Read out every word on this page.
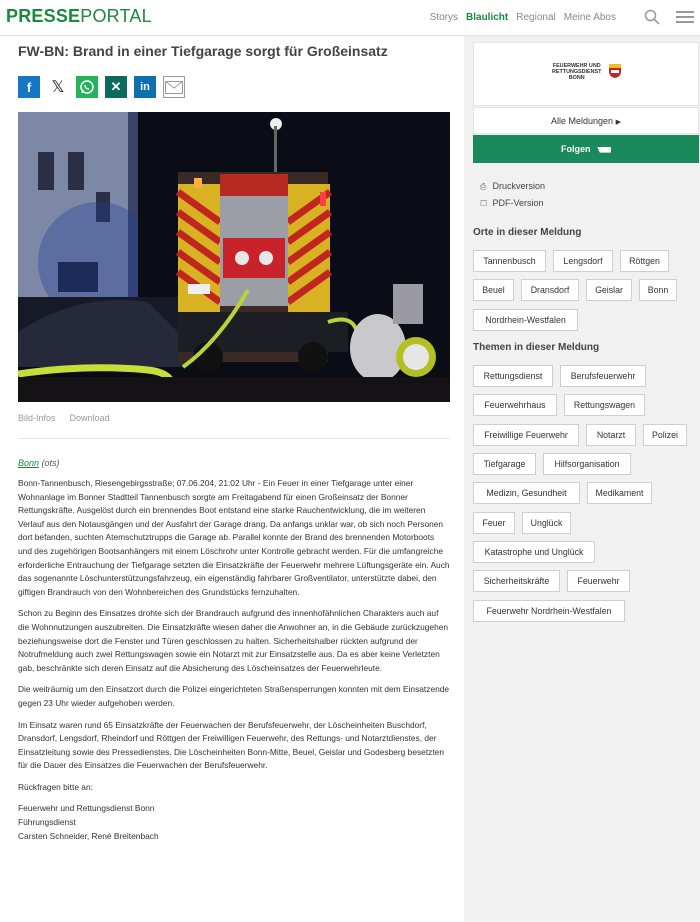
PRESSEPORTAL	Storys Blaulicht Regional Meine Abos
FW-BN: Brand in einer Tiefgarage sorgt für Großeinsatz
f	𝕏	✕	in
Bild-Infos Download
Bonn (ots)

Bonn-Tannenbusch, Riesengebirgsstraße; 07.06.204, 21:02 Uhr - Ein Feuer in einer Tiefgarage unter einer Wohnanlage im Bonner Stadtteil Tannenbusch sorgte am Freitagabend für einen Großeinsatz der Bonner Rettungskräfte. Ausgelöst durch ein brennendes Boot entstand eine starke Rauchentwicklung, die im weiteren Verlauf aus den Notausgängen und der Ausfahrt der Garage drang. Da anfangs unklar war, ob sich noch Personen dort befanden, suchten Atemschutztrupps die Garage ab. Parallel konnte der Brand des brennenden Motorboots und des zugehörigen Bootsanhängers mit einem Löschrohr unter Kontrolle gebracht werden. Für die umfangreiche erforderliche Entrauchung der Tiefgarage setzten die Einsatzkräfte der Feuerwehr mehrere Lüftungsgeräte ein. Auch das sogenannte Löschunterstützungsfahrzeug, ein eigenständig fahrbarer Großventilator, unterstützte dabei, den giftigen Brandrauch von den Wohnbereichen des Grundstücks fernzuhalten.

Schon zu Beginn des Einsatzes drohte sich der Brandrauch aufgrund des innenhofähnlichen Charakters auch auf die Wohnnutzungen auszubreiten. Die Einsatzkräfte wiesen daher die Anwohner an, in die Gebäude zurückzugehen beziehungsweise dort die Fenster und Türen geschlossen zu halten. Sicherheitshalber rückten aufgrund der Notrufmeldung auch zwei Rettungswagen sowie ein Notarzt mit zur Einsatzstelle aus. Da es aber keine Verletzten gab, beschränkte sich deren Einsatz auf die Absicherung des Löscheinsatzes der Feuerwehrleute.

Die weiträumig um den Einsatzort durch die Polizei eingerichteten Straßensperrungen konnten mit dem Einsatzende gegen 23 Uhr wieder aufgehoben werden.

Im Einsatz waren rund 65 Einsatzkräfte der Feuerwachen der Berufsfeuerwehr, der Löscheinheiten Buschdorf, Dransdorf, Lengsdorf, Rheindorf und Röttgen der Freiwilligen Feuerwehr, des Rettungs- und Notarztdienstes, der Einsatzleitung sowie des Pressedienstes. Die Löscheinheiten Bonn-Mitte, Beuel, Geislar und Godesberg besetzten für die Dauer des Einsatzes die Feuerwachen der Berufsfeuerwehr.

Rückfragen bitte an:

Feuerwehr und Rettungsdienst Bonn
Führungsdienst
Carsten Schneider, René Breitenbach
FEUERWEHR UND
RETTUNGSDIENST
BONN
Alle Meldungen ▶
Folgen
⎙ Druckversion
☐ PDF-Version
Orte in dieser Meldung
Tannenbusch	Lengsdorf	Röttgen
Beuel	Dransdorf	Geislar	Bonn
Nordrhein-Westfalen
Themen in dieser Meldung
Rettungsdienst	Berufsfeuerwehr
Feuerwehrhaus	Rettungswagen
Freiwillige Feuerwehr	Notarzt	Polizei
Tiefgarage	Hilfsorganisation
Medizin, Gesundheit	Medikament
Feuer	Unglück
Katastrophe und Unglück
Sicherheitskräfte	Feuerwehr
Feuerwehr Nordrhein-Westfalen
